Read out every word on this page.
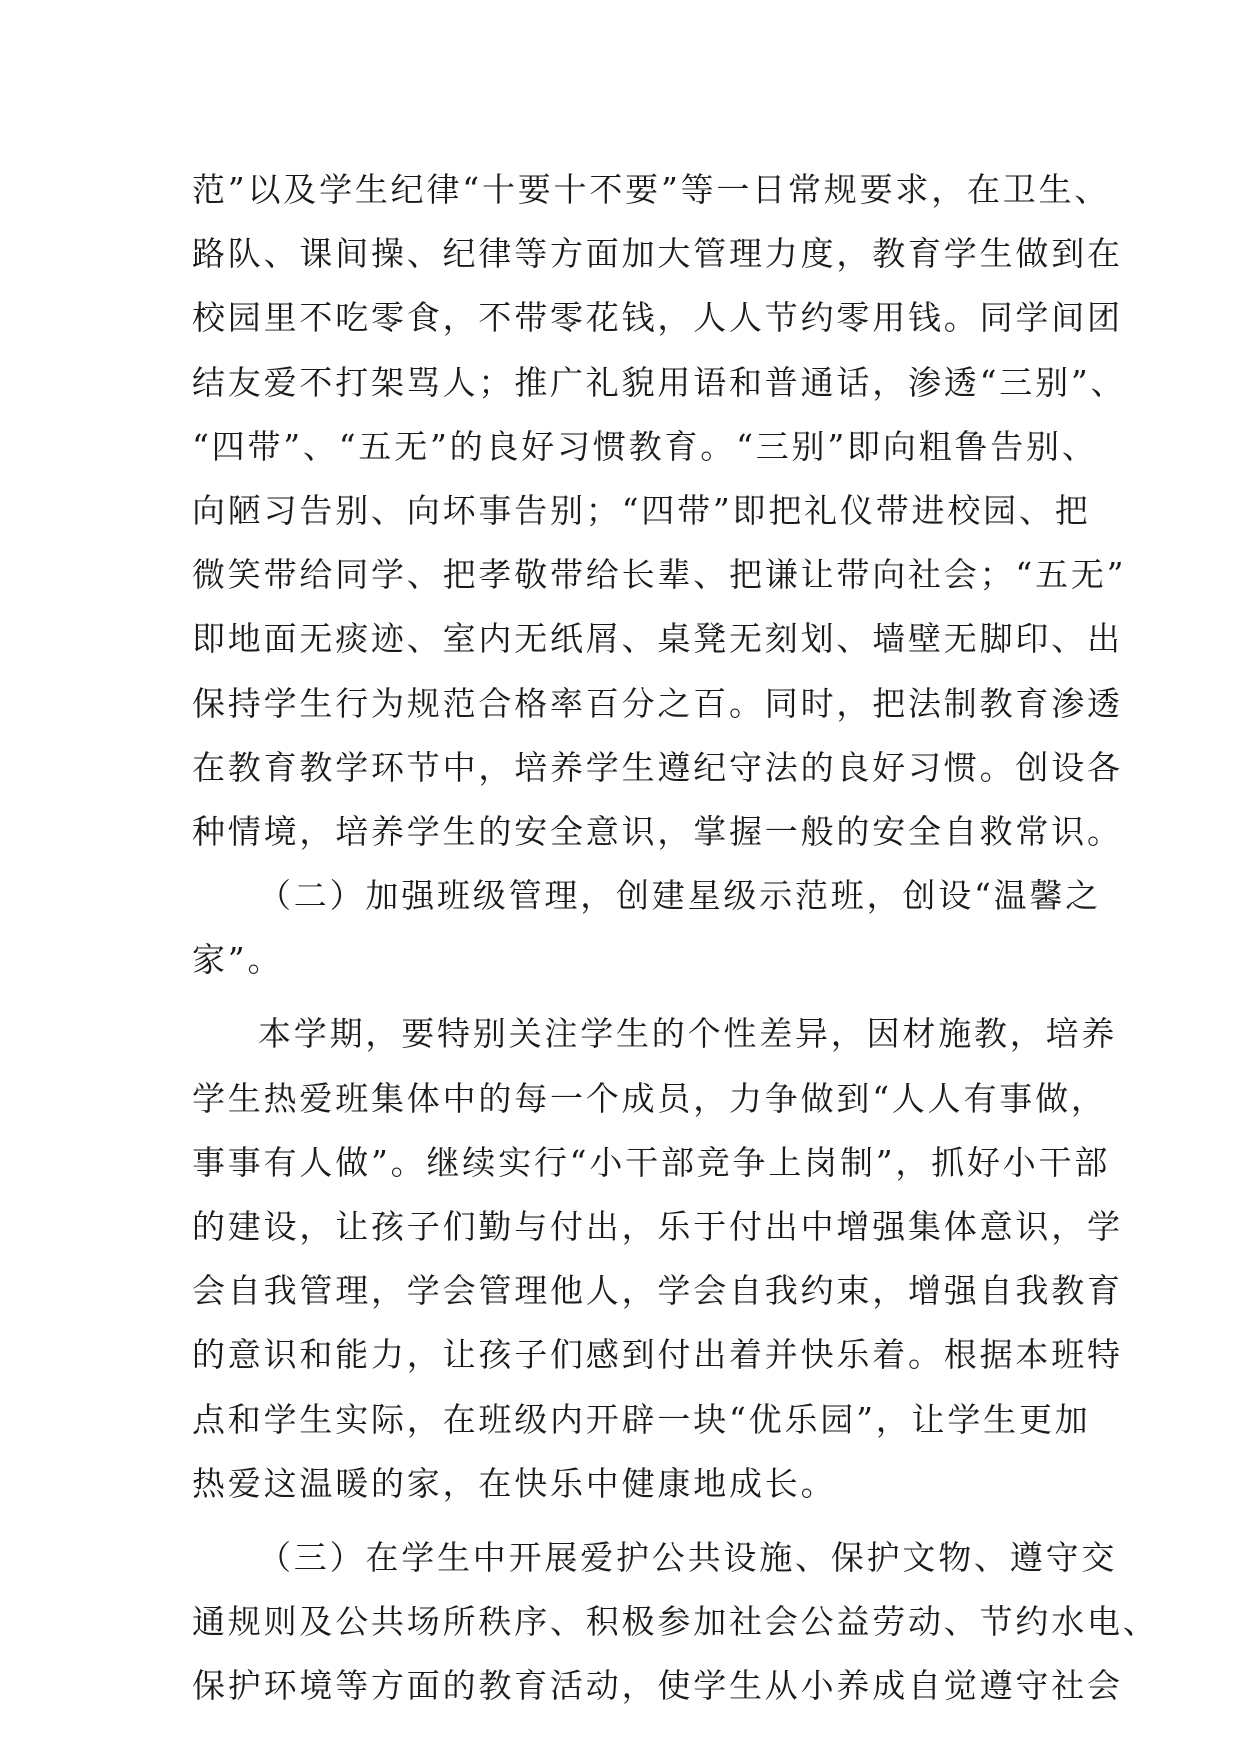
范”以及学生纪律“十要十不要”等一日常规要求，在卫生、
路队、课间操、纪律等方面加大管理力度，教育学生做到在
校园里不吃零食，不带零花钱，人人节约零用钱。同学间团
结友爱不打架骂人；推广礼貌用语和普通话，渗透“三别”、
“四带”、“五无”的良好习惯教育。“三别”即向粗鲁告别、
向陋习告别、向坏事告别；“四带”即把礼仪带进校园、把
微笑带给同学、把孝敬带给长辈、把谦让带向社会；“五无”
即地面无痰迹、室内无纸屑、桌凳无刻划、墙壁无脚印、出
保持学生行为规范合格率百分之百。同时，把法制教育渗透
在教育教学环节中，培养学生遵纪守法的良好习惯。创设各
种情境，培养学生的安全意识，掌握一般的安全自救常识。
（二）加强班级管理，创建星级示范班，创设“温馨之
家”。
本学期，要特别关注学生的个性差异，因材施教，培养
学生热爱班集体中的每一个成员，力争做到“人人有事做，
事事有人做”。继续实行“小干部竞争上岗制”，抓好小干部
的建设，让孩子们勤与付出，乐于付出中增强集体意识，学
会自我管理，学会管理他人，学会自我约束，增强自我教育
的意识和能力，让孩子们感到付出着并快乐着。根据本班特
点和学生实际，在班级内开辟一块“优乐园”，让学生更加
热爱这温暖的家，在快乐中健康地成长。
（三）在学生中开展爱护公共设施、保护文物、遵守交
通规则及公共场所秩序、积极参加社会公益劳动、节约水电、
保护环境等方面的教育活动，使学生从小养成自觉遵守社会
